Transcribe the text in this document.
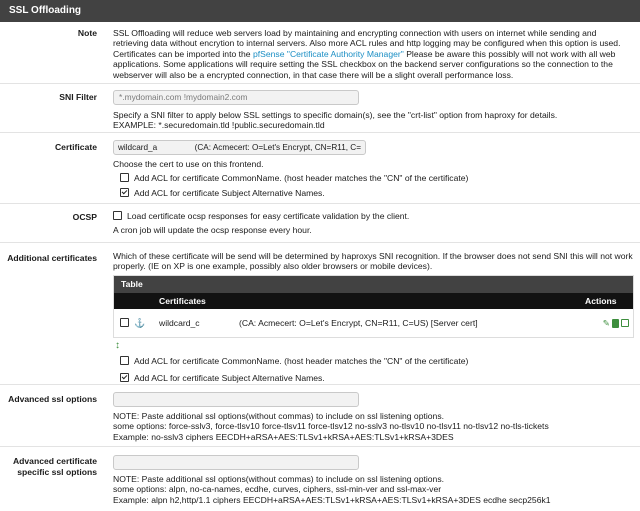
SSL Offloading
Note	SSL Offloading will reduce web servers load by maintaining and encrypting connection with users on internet while sending and retrieving data without encrytion to internal servers. Also more ACL rules and http logging may be configured when this option is used. Certificates can be imported into the pfSense "Certificate Authority Manager" Please be aware this possibly will not work with all web applications. Some applications will require setting the SSL checkbox on the backend server configurations so the connection to the webserver will also be a encrypted connection, in that case there will be a slight overall performance loss.
SNI Filter	*.mydomain.com !mydomain2.com
Specify a SNI filter to apply below SSL settings to specific domain(s), see the "crt-list" option from haproxy for details.
EXAMPLE: *.securedomain.tld !public.securedomain.tld
Certificate	wildcard_a	(CA: Acmecert: O=Let's Encrypt, CN=R11, C=
Choose the cert to use on this frontend.
Add ACL for certificate CommonName. (host header matches the "CN" of the certificate)
Add ACL for certificate Subject Alternative Names.
OCSP	Load certificate ocsp responses for easy certificate validation by the client.
A cron job will update the ocsp response every hour.
Additional certificates	Which of these certificate will be send will be determined by haproxys SNI recognition. If the browser does not send SNI this will not work properly. (IE on XP is one example, possibly also older browsers or mobile devices).
Table
Certificates	Actions
⚓ wildcard_c	(CA: Acmecert: O=Let's Encrypt, CN=R11, C=US) [Server cert]	✎
↕
Add ACL for certificate CommonName. (host header matches the "CN" of the certificate)
Add ACL for certificate Subject Alternative Names.
Advanced ssl options
NOTE: Paste additional ssl options(without commas) to include on ssl listening options.
some options: force-sslv3, force-tlsv10 force-tlsv11 force-tlsv12 no-sslv3 no-tlsv10 no-tlsv11 no-tlsv12 no-tls-tickets
Example: no-sslv3 ciphers EECDH+aRSA+AES:TLSv1+kRSA+AES:TLSv1+kRSA+3DES
Advanced certificate
specific ssl options
NOTE: Paste additional ssl options(without commas) to include on ssl listening options.
some options: alpn, no-ca-names, ecdhe, curves, ciphers, ssl-min-ver and ssl-max-ver
Example: alpn h2,http/1.1 ciphers EECDH+aRSA+AES:TLSv1+kRSA+AES:TLSv1+kRSA+3DES ecdhe secp256k1
